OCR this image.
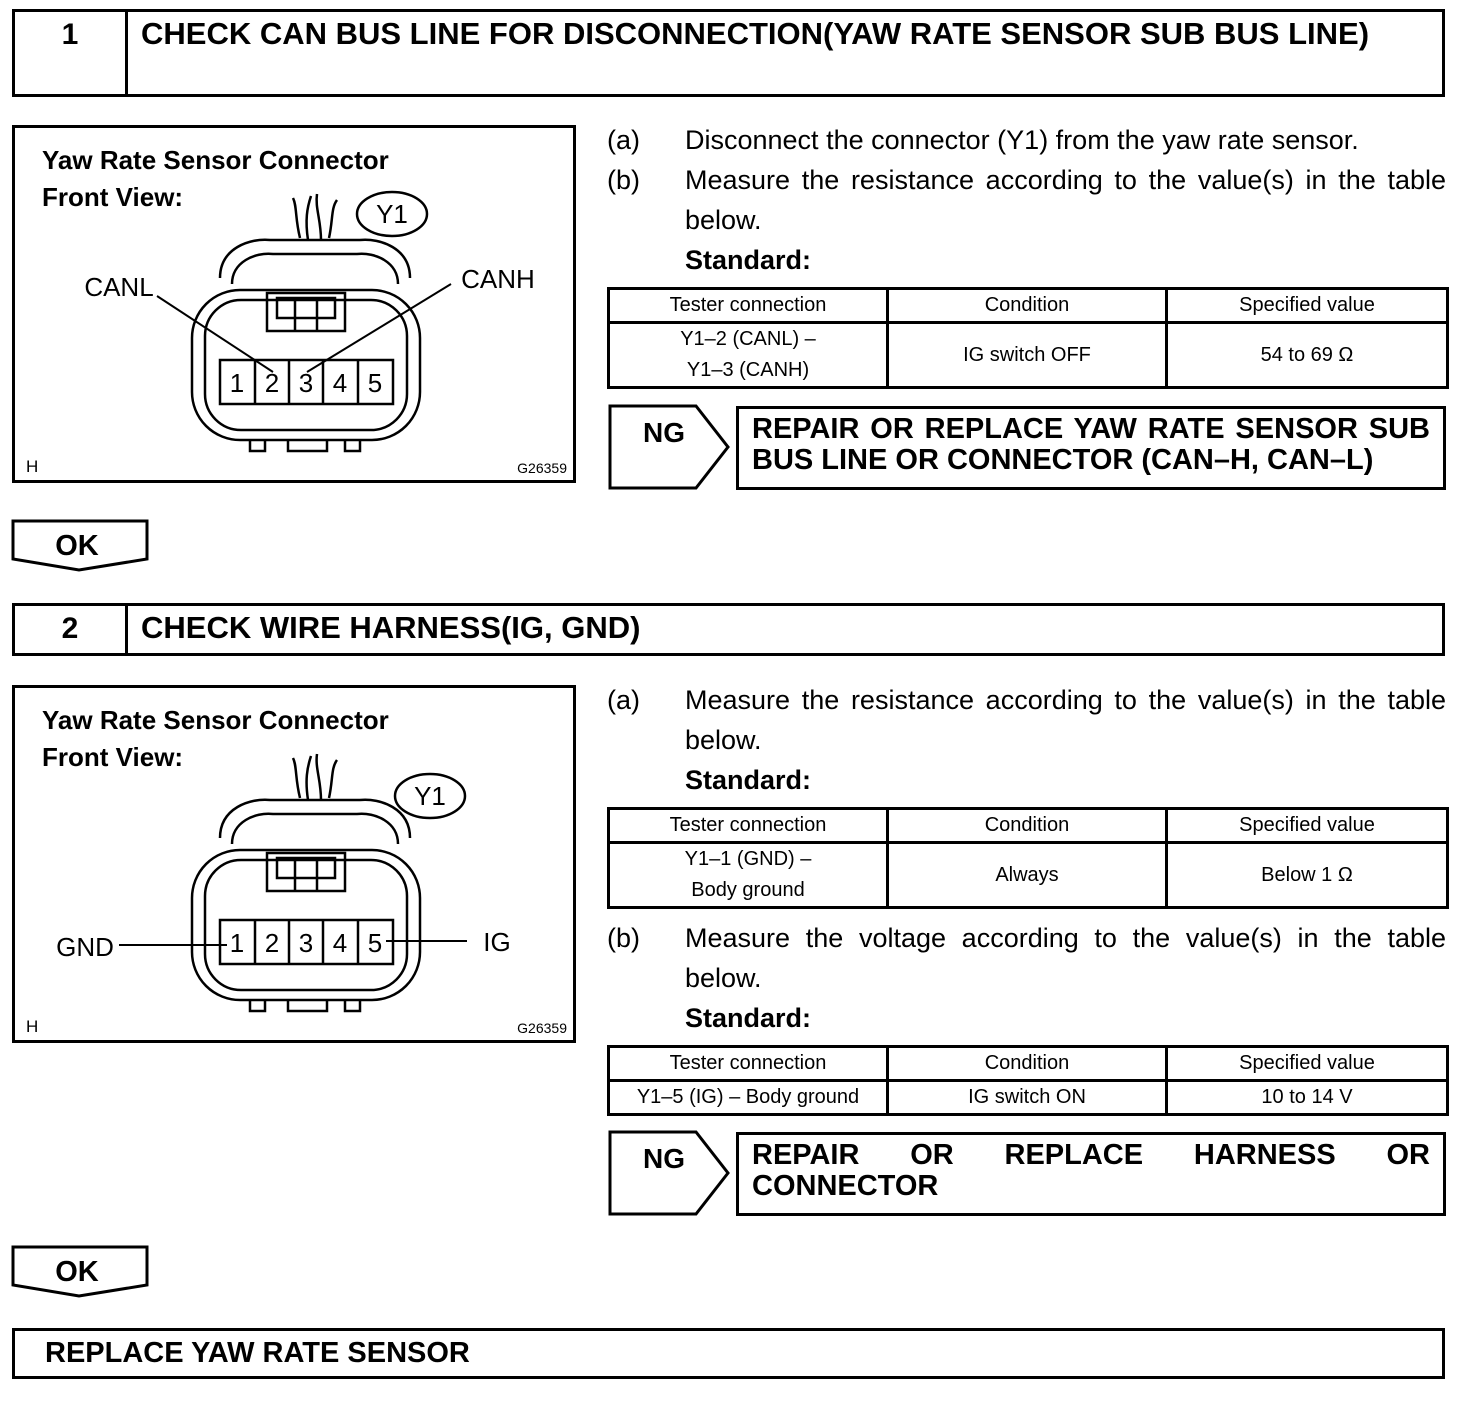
1	CHECK CAN BUS LINE FOR DISCONNECTION(YAW RATE SENSOR SUB BUS LINE)
Yaw Rate Sensor Connector
Front View:
Y1
1 2 3 4 5
CANL	CANH
H	G26359
(a)	Disconnect the connector (Y1) from the yaw rate sensor.
(b)	Measure the resistance according to the value(s) in the table below.
Standard:
Tester connection	Condition	Specified value

Y1–2 (CANL) –
Y1–3 (CANH)	IG switch OFF	54 to 69 Ω
NG	REPAIR OR REPLACE YAW RATE SENSOR SUB BUS LINE OR CONNECTOR (CAN–H, CAN–L)
OK
2	CHECK WIRE HARNESS(IG, GND)
Yaw Rate Sensor Connector
Front View:
Y1
1 2 3 4 5
GND	IG
H	G26359
(a)	Measure the resistance according to the value(s) in the table below.
Standard:
Tester connection	Condition	Specified value

Y1–1 (GND) –
Body ground	Always	Below 1 Ω
(b)	Measure the voltage according to the value(s) in the table below.
Standard:
Tester connection	Condition	Specified value
Y1–5 (IG) – Body ground	IG switch ON	10 to 14 V
NG REPAIR OR REPLACE HARNESS OR
CONNECTOR
OK
REPLACE YAW RATE SENSOR
